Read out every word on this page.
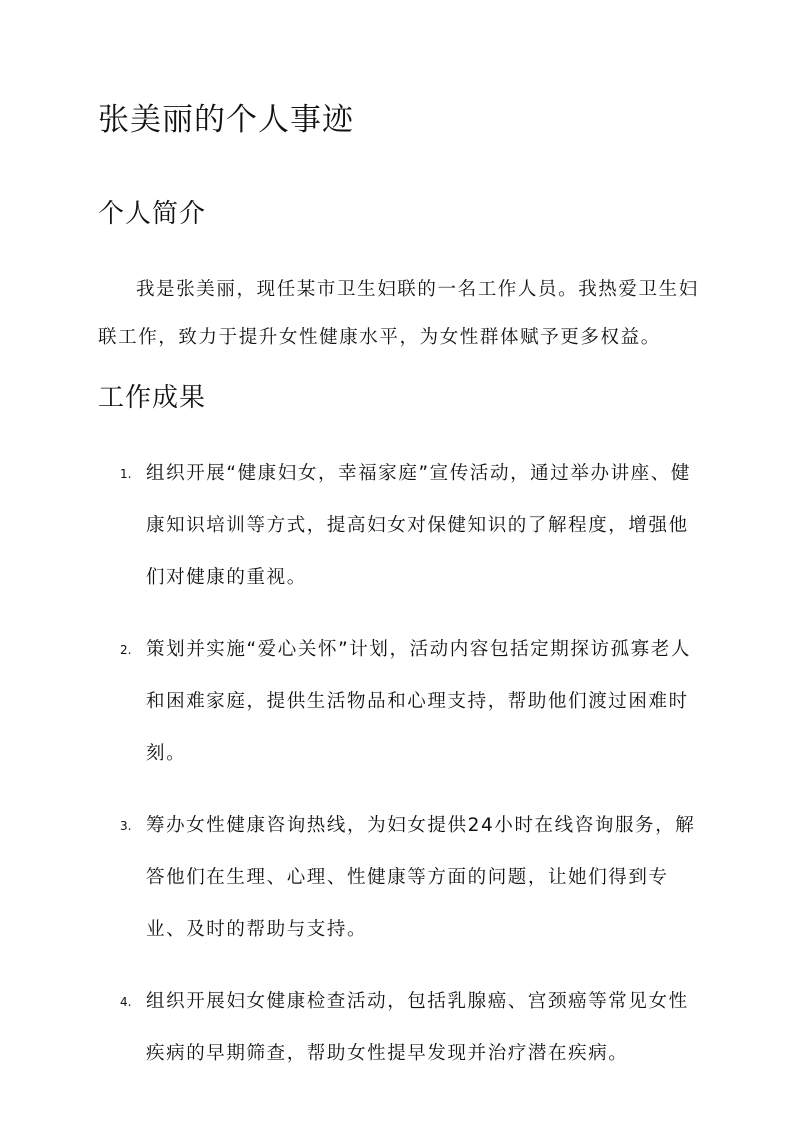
张美丽的个人事迹
个人简介

我是张美丽，现任某市卫生妇联的一名工作人员。我热爱卫生妇联工作，致力于提升女性健康水平，为女性群体赋予更多权益。

工作成果
1. 组织开展“健康妇女，幸福家庭”宣传活动，通过举办讲座、健康知识培训等方式，提高妇女对保健知识的了解程度，增强他们对健康的重视。
2. 策划并实施“爱心关怀”计划，活动内容包括定期探访孤寡老人和困难家庭，提供生活物品和心理支持，帮助他们渡过困难时刻。
3. 筹办女性健康咨询热线，为妇女提供24小时在线咨询服务，解答他们在生理、心理、性健康等方面的问题，让她们得到专业、及时的帮助与支持。
4. 组织开展妇女健康检查活动，包括乳腺癌、宫颈癌等常见女性疾病的早期筛查，帮助女性提早发现并治疗潜在疾病。
